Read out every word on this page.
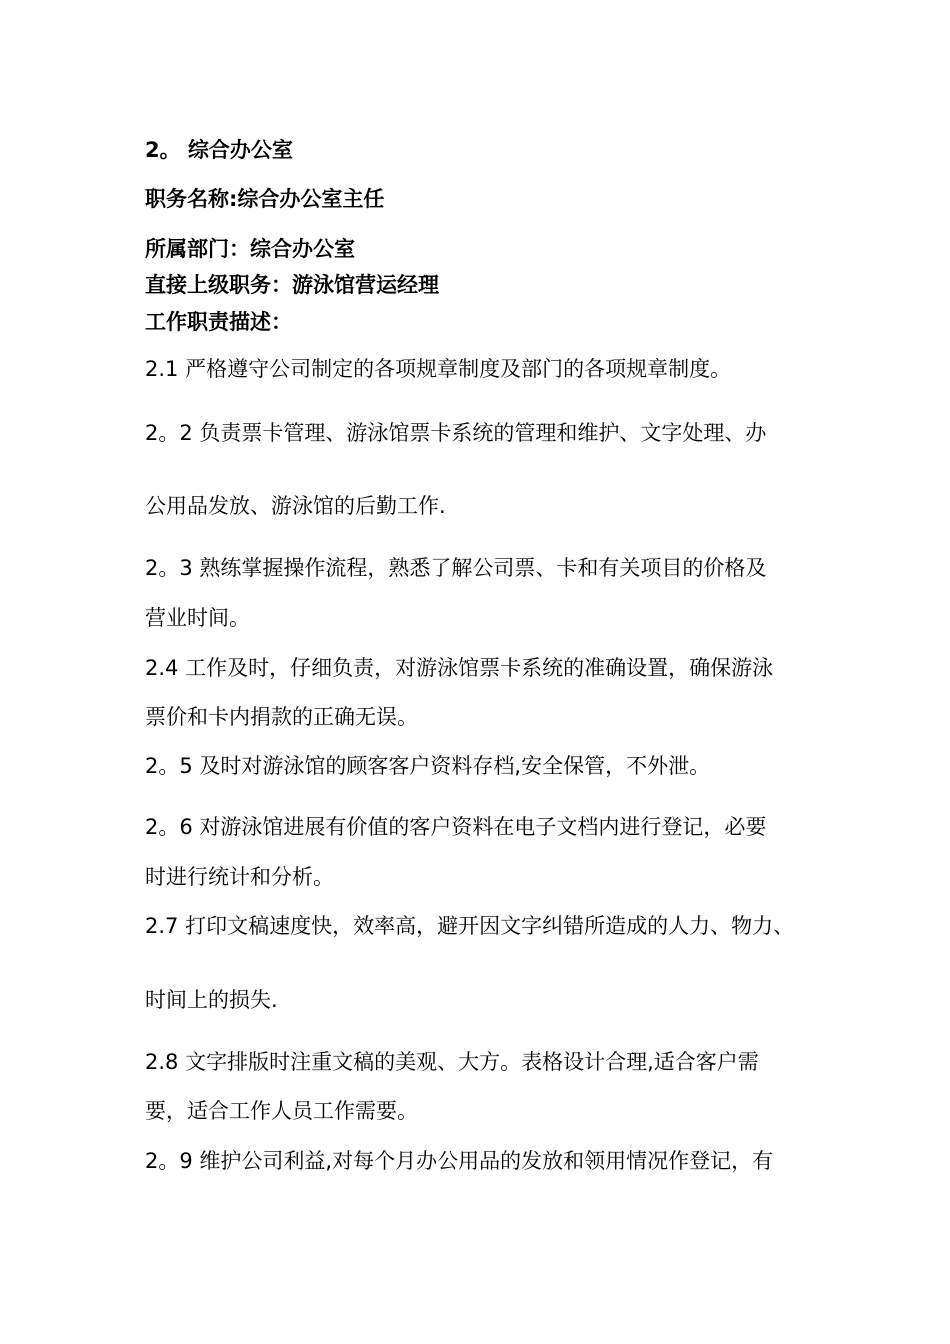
2。 综合办公室
职务名称:综合办公室主任
所属部门：综合办公室
直接上级职务：游泳馆营运经理
工作职责描述：
2.1 严格遵守公司制定的各项规章制度及部门的各项规章制度。
2。2 负责票卡管理、游泳馆票卡系统的管理和维护、文字处理、办
公用品发放、游泳馆的后勤工作.
2。3 熟练掌握操作流程，熟悉了解公司票、卡和有关项目的价格及
营业时间。
2.4 工作及时，仔细负责，对游泳馆票卡系统的准确设置，确保游泳
票价和卡内捐款的正确无误。
2。5 及时对游泳馆的顾客客户资料存档,安全保管，不外泄。
2。6 对游泳馆进展有价值的客户资料在电子文档内进行登记，必要
时进行统计和分析。
2.7 打印文稿速度快，效率高，避开因文字纠错所造成的人力、物力、
时间上的损失.
2.8 文字排版时注重文稿的美观、大方。表格设计合理,适合客户需
要，适合工作人员工作需要。
2。9 维护公司利益,对每个月办公用品的发放和领用情况作登记，有
